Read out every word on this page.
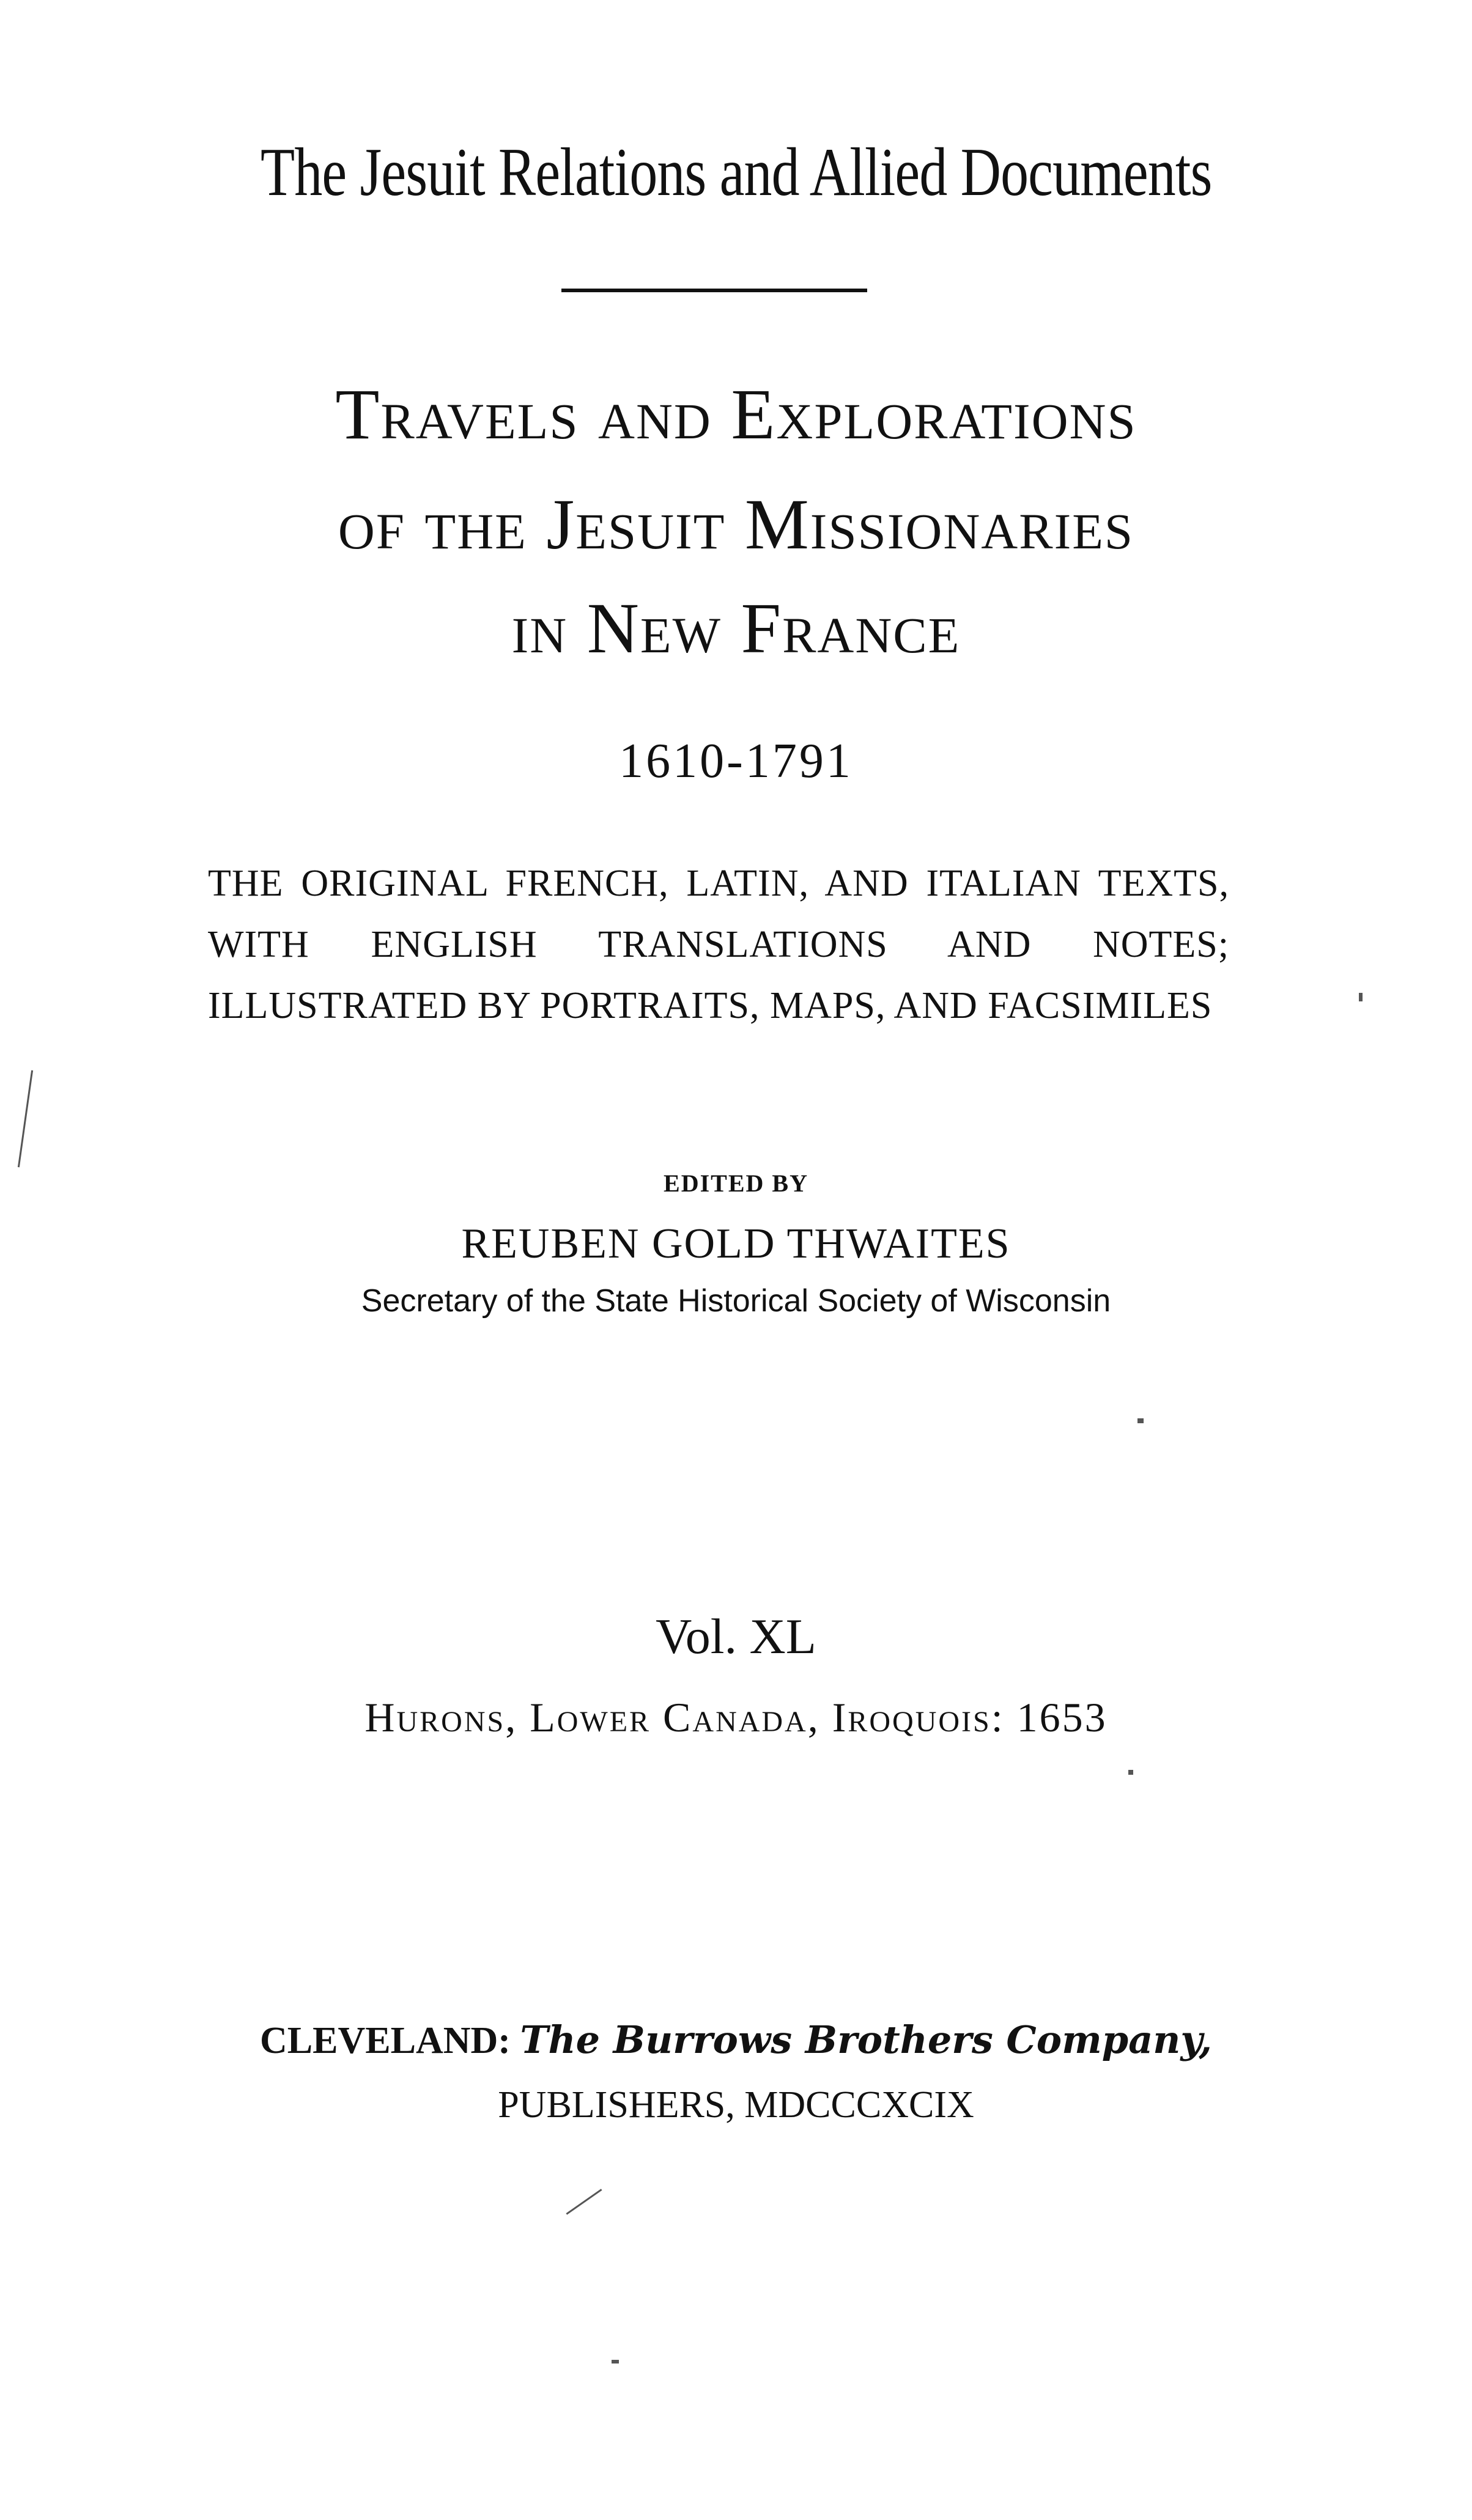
The Jesuit Relations and Allied Documents
Travels and Explorations
of the Jesuit Missionaries
in New France
1610-1791
THE ORIGINAL FRENCH, LATIN, AND ITALIAN TEXTS, WITH ENGLISH TRANSLATIONS AND NOTES; ILLUSTRATED BY PORTRAITS, MAPS, AND FACSIMILES
EDITED BY
REUBEN GOLD THWAITES
Secretary of the State Historical Society of Wisconsin
Vol. XL
Hurons, Lower Canada, Iroquois: 1653
CLEVELAND: The Burrows Brothers Company,
PUBLISHERS, MDCCCXCIX
